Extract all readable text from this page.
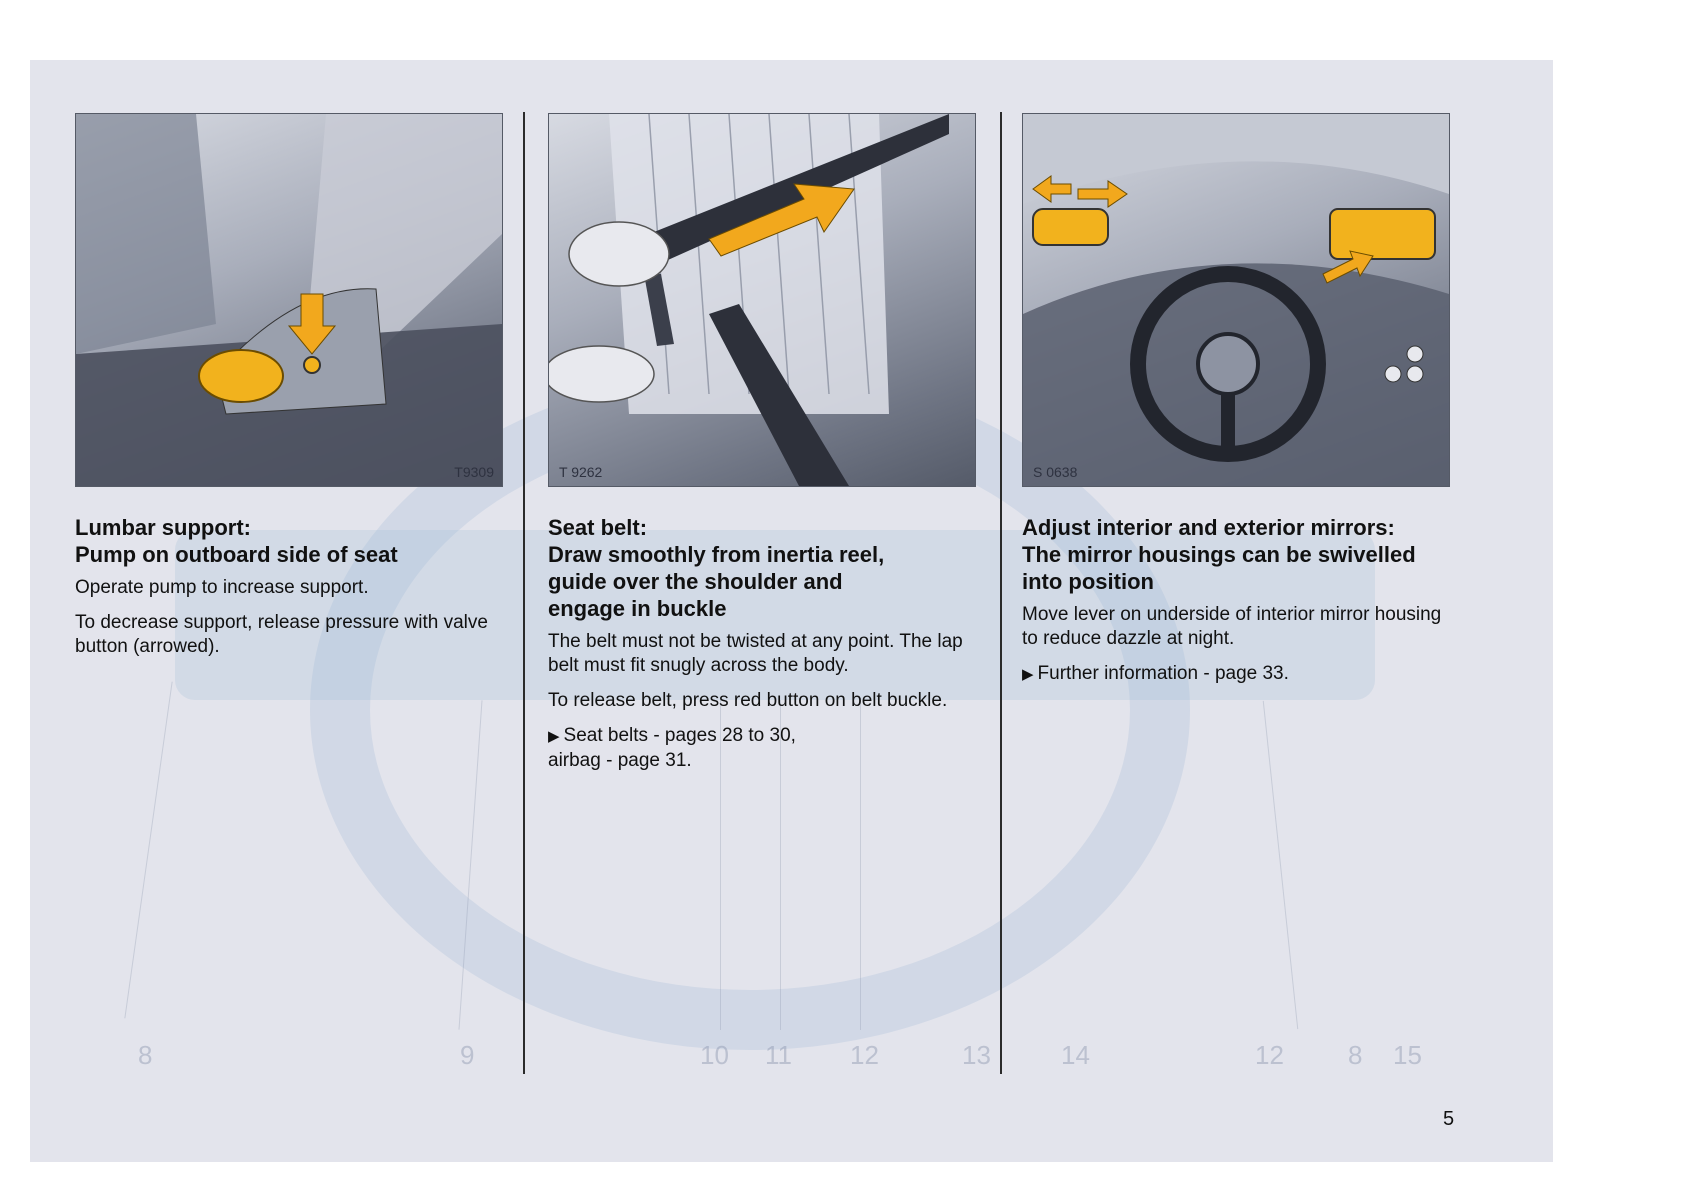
8	9	10 11 12	13	14	12 8 15
T9309

Lumbar support:
Pump on outboard side of seat

Operate pump to increase support.

To decrease support, release pressure with valve button (arrowed).

T 9262

Seat belt:
Draw smoothly from inertia reel,
guide over the shoulder and
engage in buckle

The belt must not be twisted at any point. The lap belt must fit snugly across the body.

To release belt, press red button on belt buckle.

▶ Seat belts - pages 28 to 30,
airbag - page 31.

S 0638

Adjust interior and exterior mirrors:
The mirror housings can be swivelled
into position

Move lever on underside of interior mirror housing to reduce dazzle at night.

▶ Further information - page 33.

5
